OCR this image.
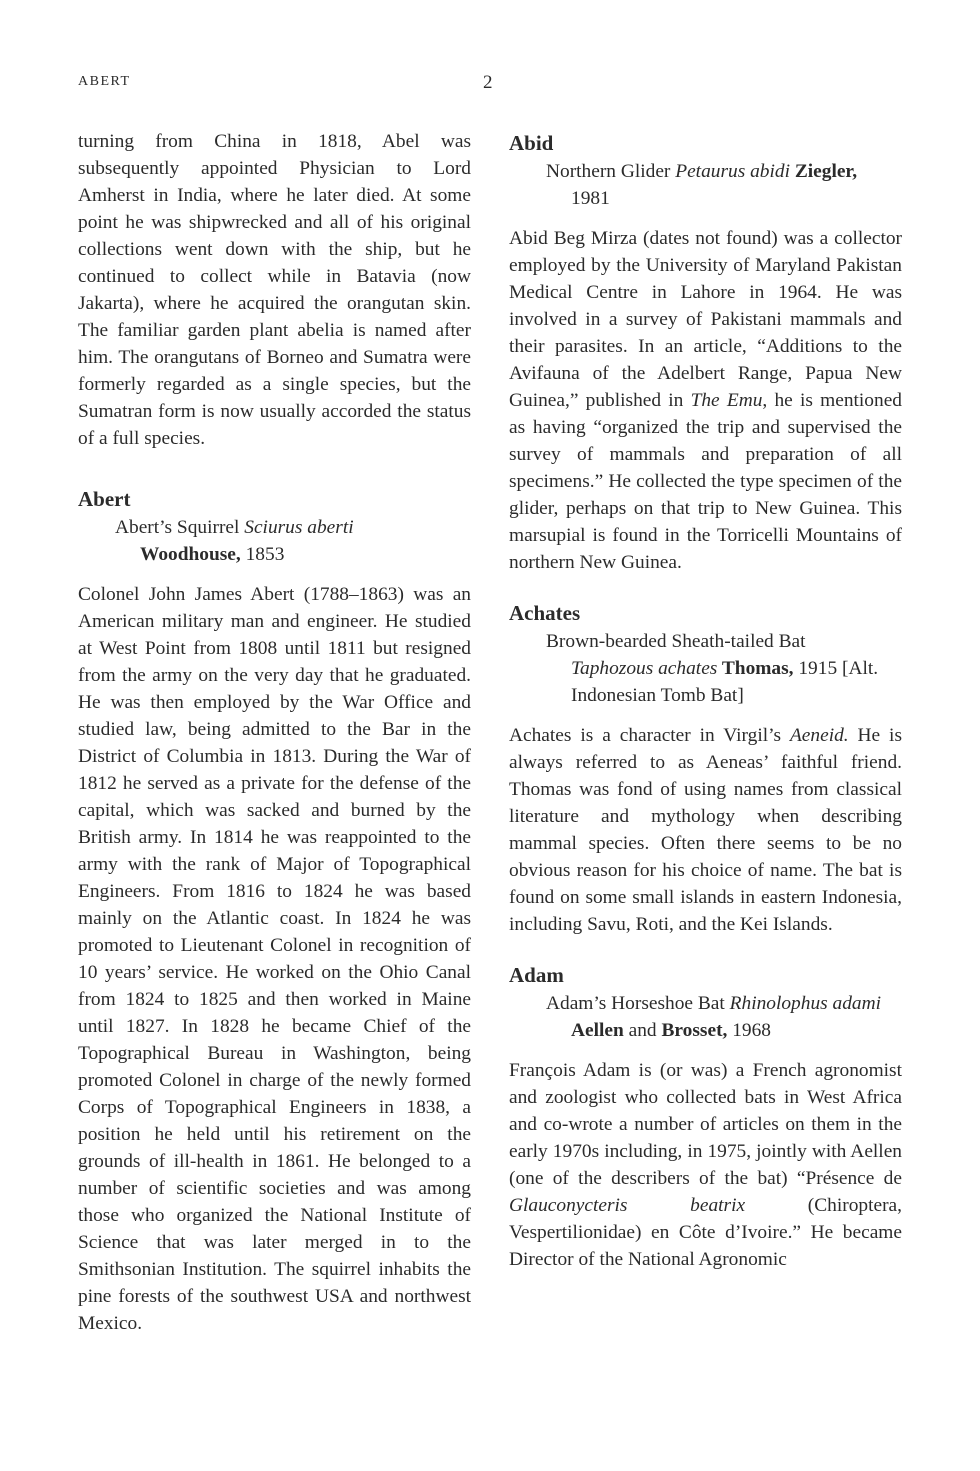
ABERT	2

turning from China in 1818, Abel was subsequently appointed Physician to Lord Amherst in India, where he later died. At some point he was shipwrecked and all of his original collections went down with the ship, but he continued to collect while in Batavia (now Jakarta), where he acquired the orangutan skin. The familiar garden plant abelia is named after him. The orangutans of Borneo and Sumatra were formerly regarded as a single species, but the Sumatran form is now usually accorded the status of a full species.

Abert

Abert’s Squirrel Sciurus aberti
Woodhouse, 1853

Colonel John James Abert (1788–1863) was an American military man and engineer. He studied at West Point from 1808 until 1811 but resigned from the army on the very day that he graduated. He was then employed by the War Office and studied law, being admitted to the Bar in the District of Columbia in 1813. During the War of 1812 he served as a private for the defense of the capital, which was sacked and burned by the British army. In 1814 he was reappointed to the army with the rank of Major of Topographical Engineers. From 1816 to 1824 he was based mainly on the Atlantic coast. In 1824 he was promoted to Lieutenant Colonel in recognition of 10 years’ service. He worked on the Ohio Canal from 1824 to 1825 and then worked in Maine until 1827. In 1828 he became Chief of the Topographical Bureau in Washington, being promoted Colonel in charge of the newly formed Corps of Topographical Engineers in 1838, a position he held until his retirement on the grounds of ill-health in 1861. He belonged to a number of scientific societies and was among those who organized the National Institute of Science that was later merged in to the Smithsonian Institution. The squirrel inhabits the pine forests of the southwest USA and northwest Mexico.

Abid

Northern Glider Petaurus abidi Ziegler,
1981

Abid Beg Mirza (dates not found) was a collector employed by the University of Maryland Pakistan Medical Centre in Lahore in 1964. He was involved in a survey of Pakistani mammals and their parasites. In an article, “Additions to the Avifauna of the Adelbert Range, Papua New Guinea,” published in The Emu, he is mentioned as having “organized the trip and supervised the survey of mammals and preparation of all specimens.” He collected the type specimen of the glider, perhaps on that trip to New Guinea. This marsupial is found in the Torricelli Mountains of northern New Guinea.

Achates

Brown-bearded Sheath-tailed Bat
Taphozous achates Thomas, 1915 [Alt. Indonesian Tomb Bat]

Achates is a character in Virgil’s Aeneid. He is always referred to as Aeneas’ faithful friend. Thomas was fond of using names from classical literature and mythology when describing mammal species. Often there seems to be no obvious reason for his choice of name. The bat is found on some small islands in eastern Indonesia, including Savu, Roti, and the Kei Islands.

Adam

Adam’s Horseshoe Bat Rhinolophus adami
Aellen and Brosset, 1968

François Adam is (or was) a French agronomist and zoologist who collected bats in West Africa and co-wrote a number of articles on them in the early 1970s including, in 1975, jointly with Aellen (one of the describers of the bat) “Présence de Glauconycteris beatrix (Chiroptera, Vespertilionidae) en Côte d’Ivoire.” He became Director of the National Agronomic
